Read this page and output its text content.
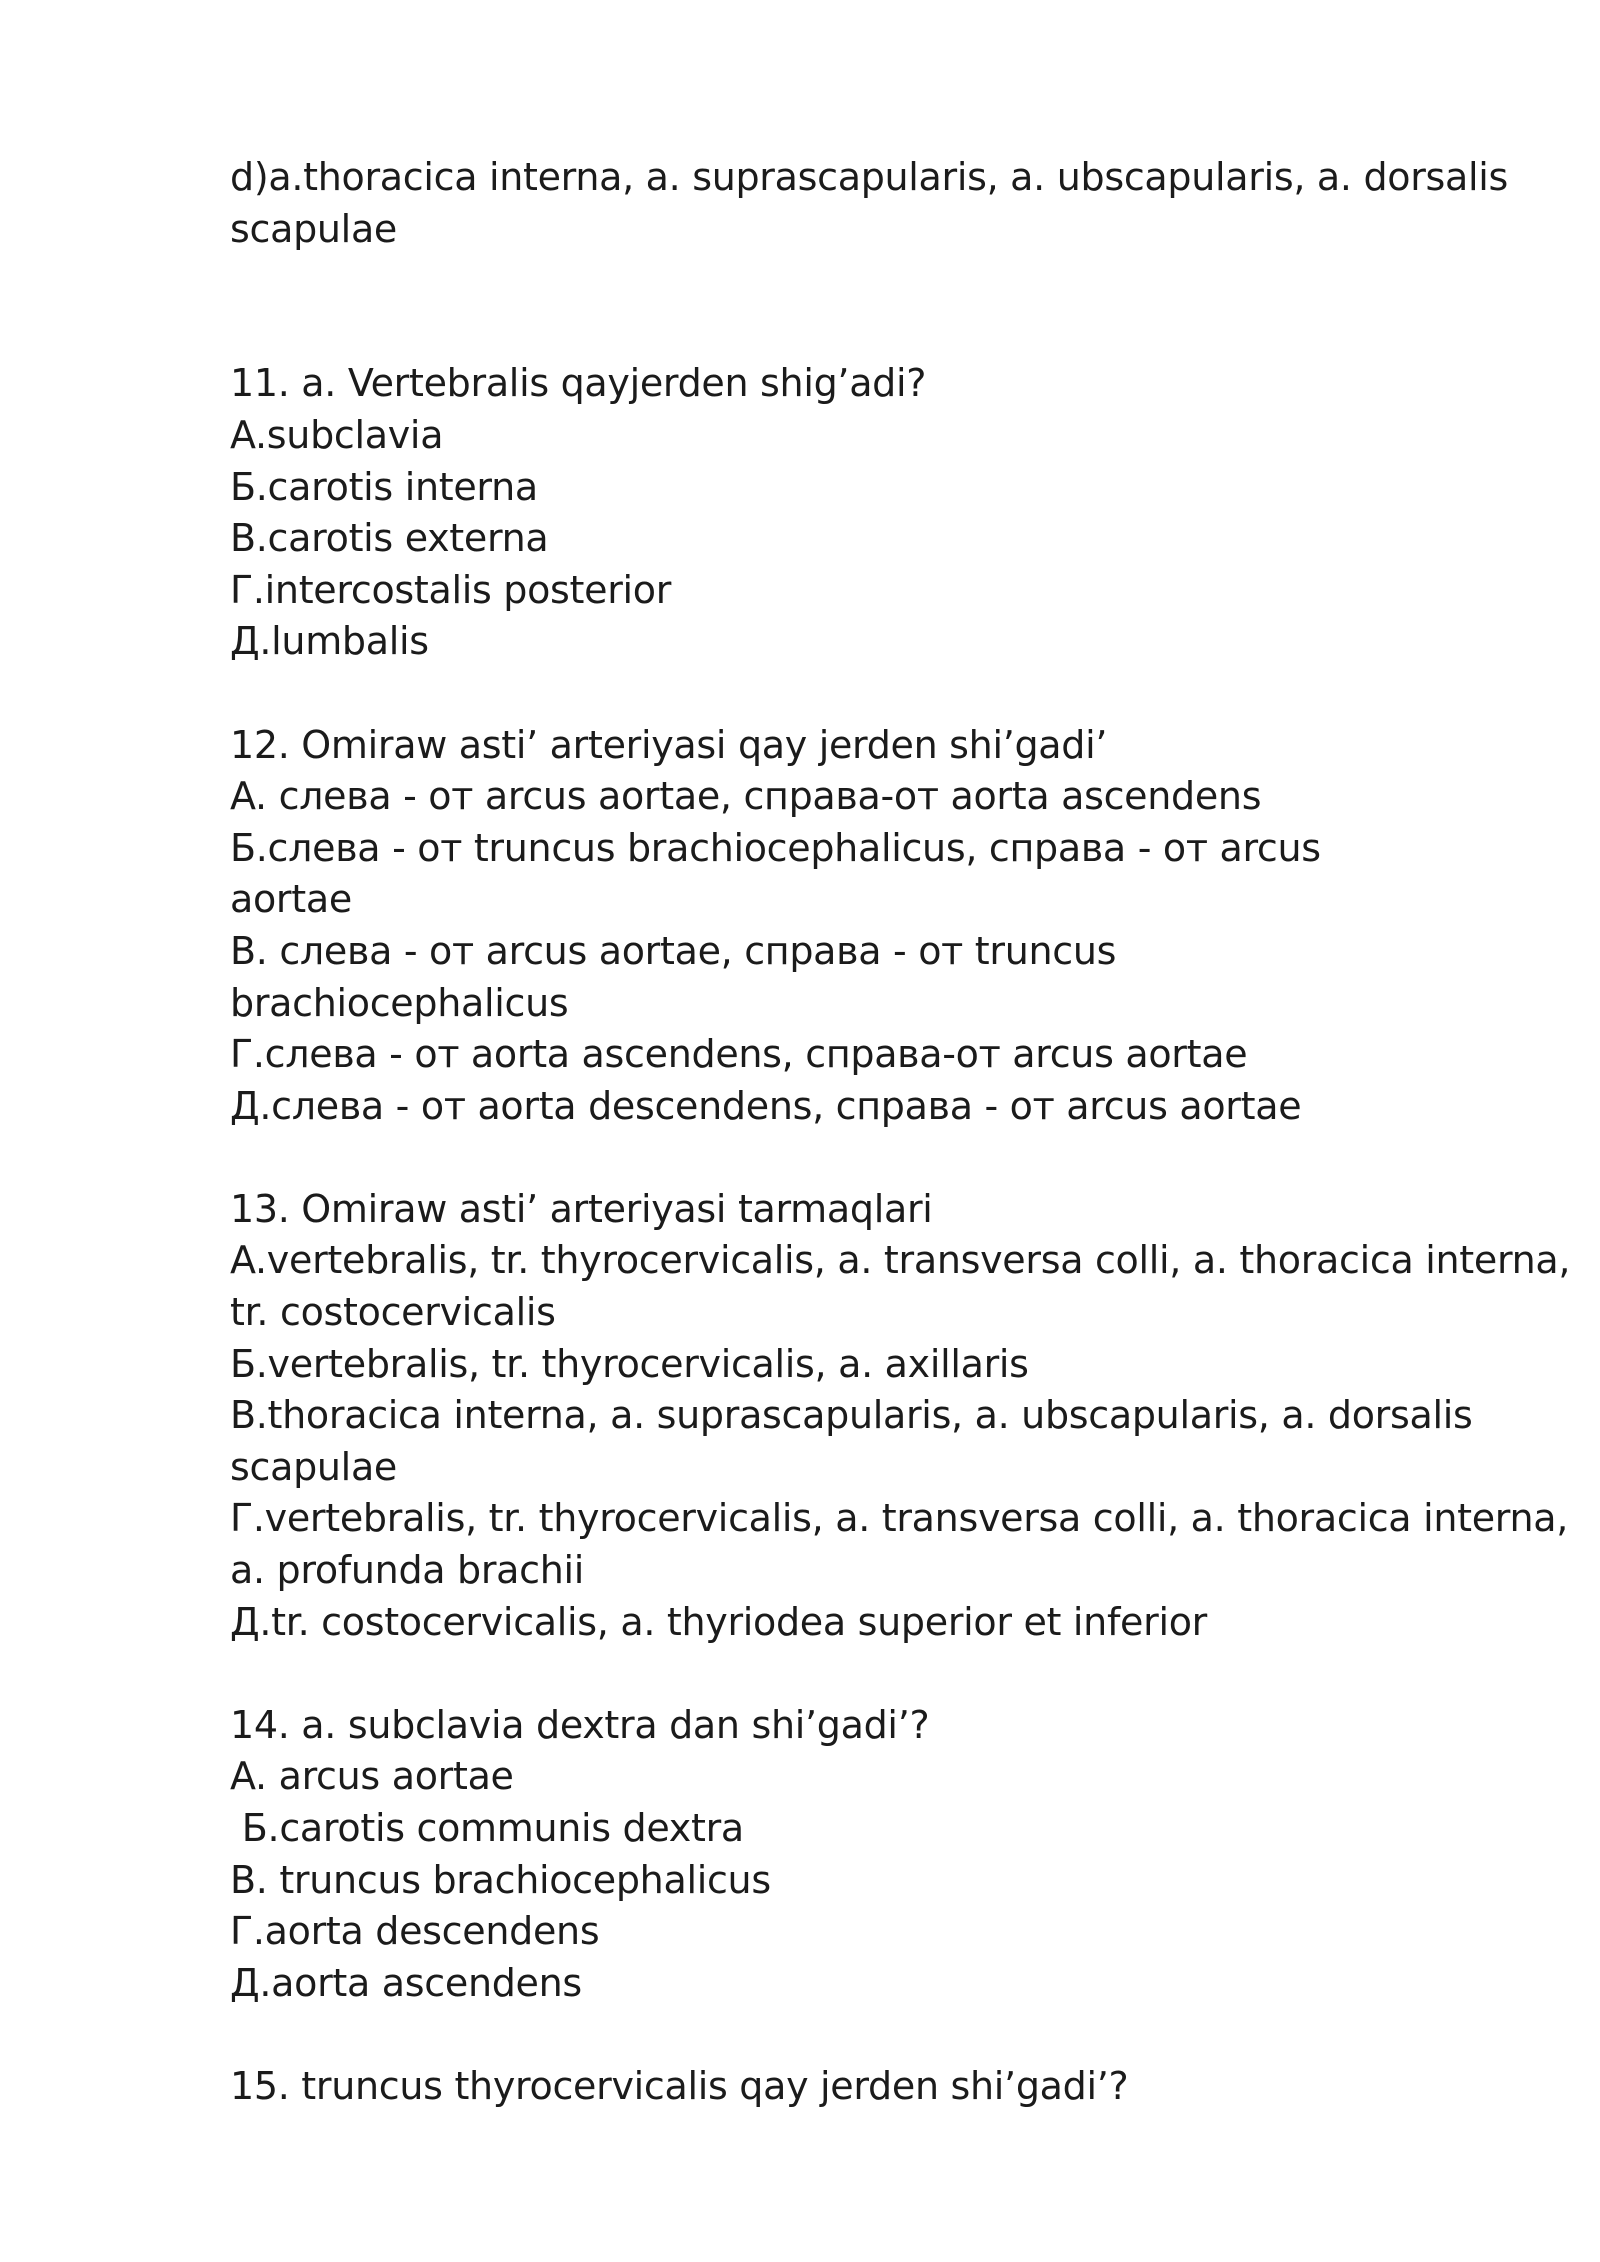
d)a.thoracica interna, a. suprascapularis, a. ubscapularis, a. dorsalis
scapulae
11. a. Vertebralis qayjerden shig’adi?
A.subclavia
Б.carotis interna
B.carotis externa
Г.intercostalis posterior
Д.lumbalis
12. Omiraw asti’ arteriyasi qay jerden shi’gadi’
A. слева - от arcus aortae, справа-от aorta ascendens
Б.слева - от truncus brachiocephalicus, справа - от arcus
aortae
B. слева - от arcus aortae, справа - от truncus
brachiocephalicus
Г.слева - от aorta ascendens, справа-от arcus aortae
Д.слева - от aorta descendens, справа - от arcus aortae
13. Omiraw asti’ arteriyasi tarmaqlari
A.vertebralis, tr. thyrocervicalis, a. transversa colli, a. thoracica interna,
tr. costocervicalis
Б.vertebralis, tr. thyrocervicalis, a. axillaris
B.thoracica interna, a. suprascapularis, a. ubscapularis, a. dorsalis
scapulae
Г.vertebralis, tr. thyrocervicalis, a. transversa colli, a. thoracica interna,
a. profunda brachii
Д.tr. costocervicalis, a. thyriodea superior et inferior
14. a. subclavia dextra dan shi’gadi’?
A. arcus aortae
Б.carotis communis dextra
B. truncus brachiocephalicus
Г.aorta descendens
Д.aorta ascendens
15. truncus thyrocervicalis qay jerden shi’gadi’?
